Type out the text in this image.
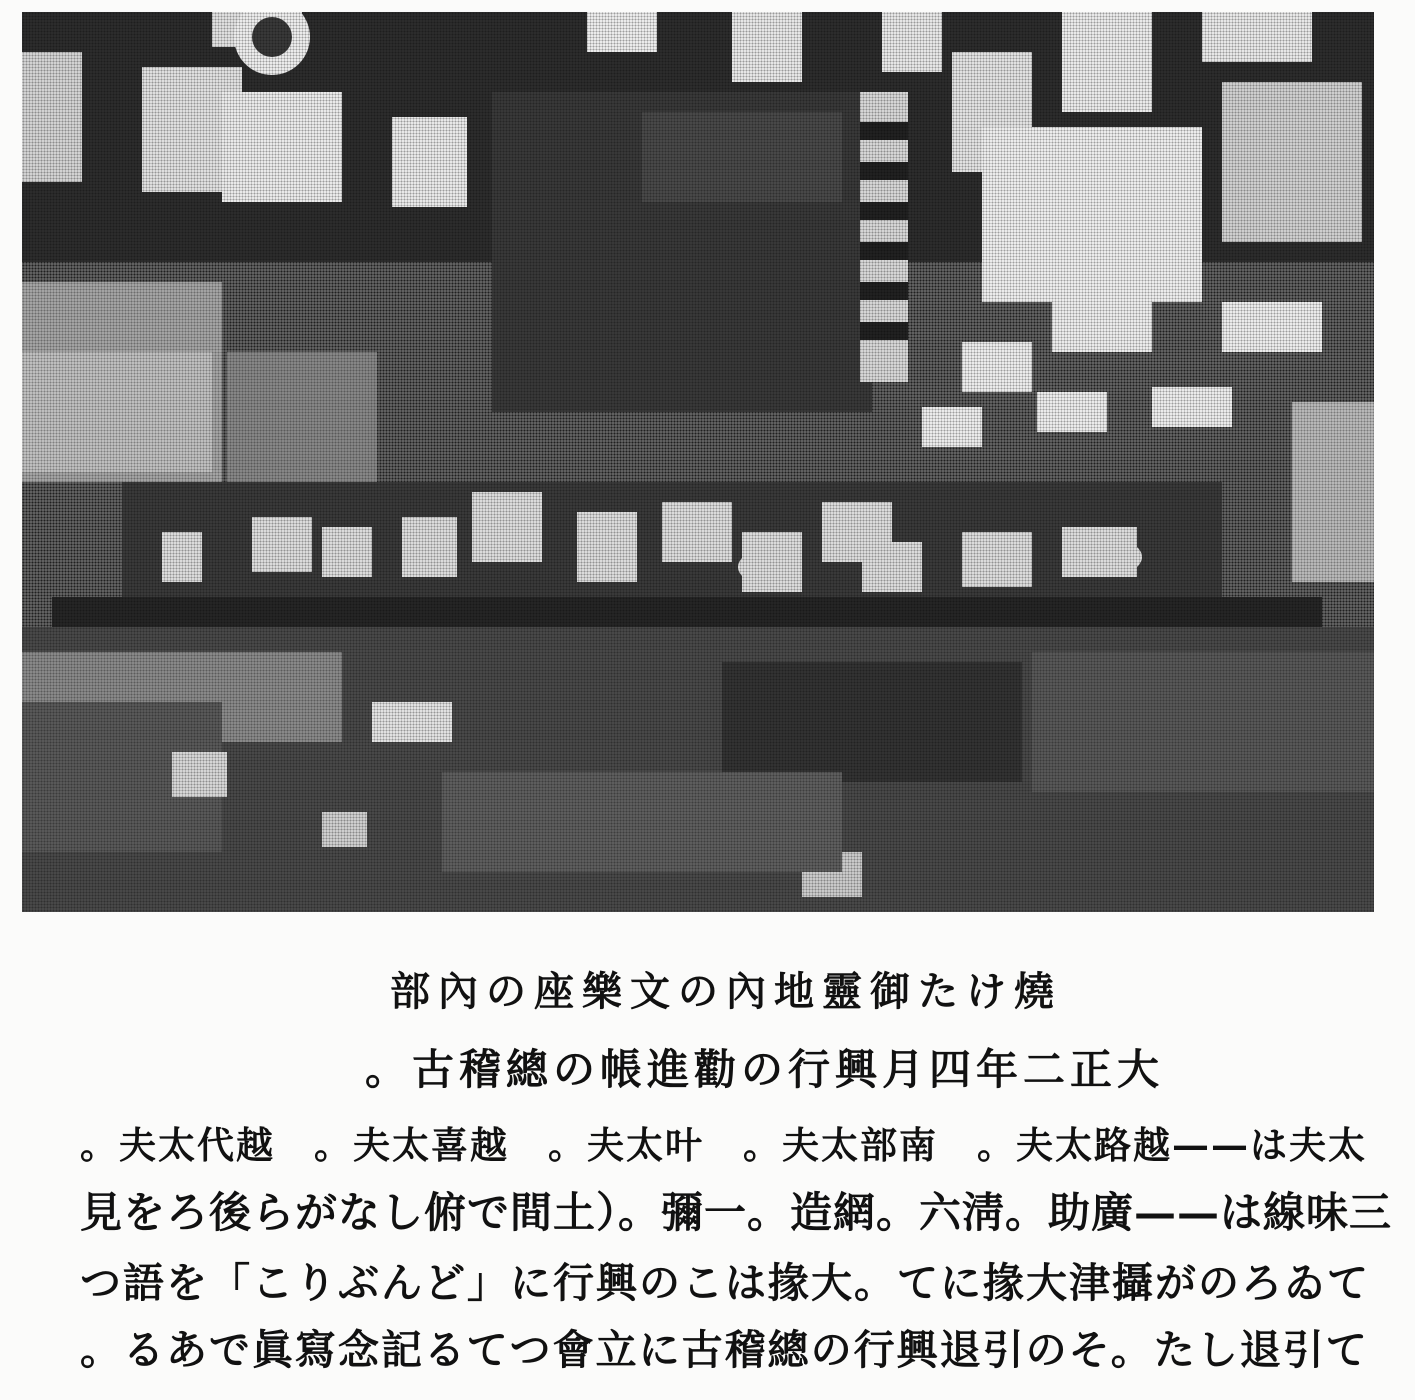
部內の座樂文の內地靈御たけ燒
。古稽總の帳進勸の行興月四年二正大
。夫太代越　。夫太喜越　。夫太叶　。夫太部南　。夫太路越——は夫太
見をろ後らがなし俯で間土）。彌一。造網。六淸。助廣——は線味三
つ語を「こりぶんど」に行興のこは掾大。てに掾大津攝がのろゐて
。るあで眞寫念記るてつ會立に古稽總の行興退引のそ。たし退引て
